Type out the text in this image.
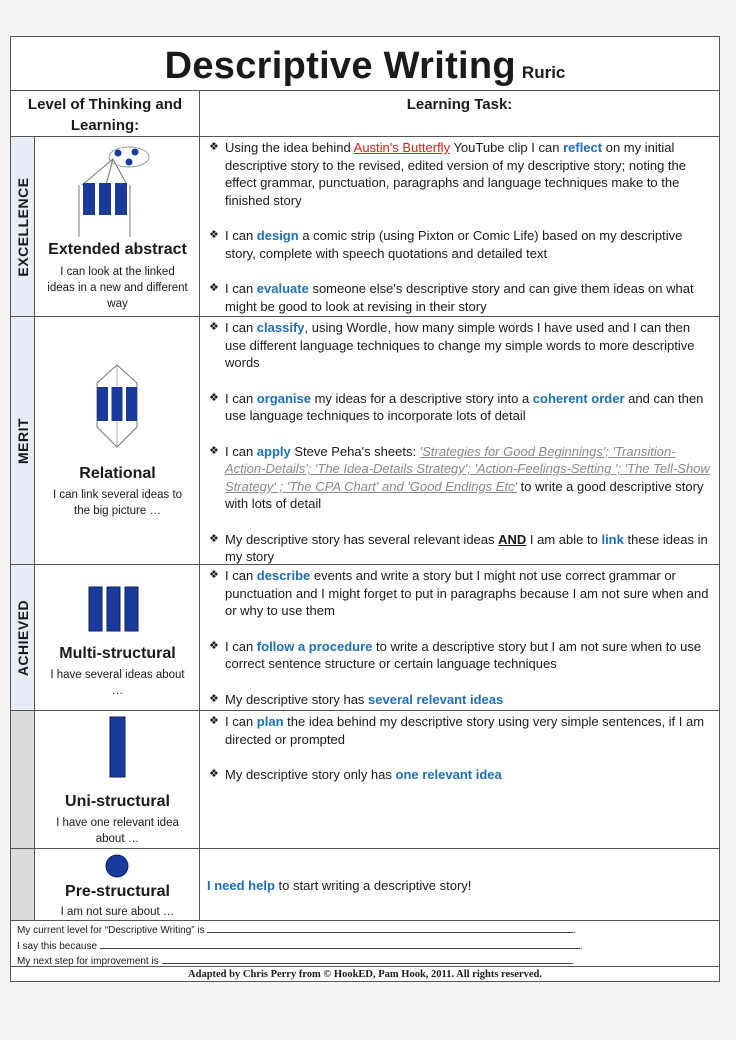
Descriptive Writing Ruric
Level of Thinking and Learning:
Learning Task:
EXCELLENCE	Extended abstract
I can look at the linked ideas in a new and different way
❖ Using the idea behind Austin's Butterfly YouTube clip I can reflect on my initial descriptive story to the revised, edited version of my descriptive story; noting the effect grammar, punctuation, paragraphs and language techniques make to the finished story
❖ I can design a comic strip (using Pixton or Comic Life) based on my descriptive story, complete with speech quotations and detailed text
❖ I can evaluate someone else's descriptive story and can give them ideas on what might be good to look at revising in their story
MERIT
Relational
I can link several ideas to the big picture …
❖ I can classify, using Wordle, how many simple words I have used and I can then use different language techniques to change my simple words to more descriptive words
❖ I can organise my ideas for a descriptive story into a coherent order and can then use language techniques to incorporate lots of detail
❖ I can apply Steve Peha's sheets: 'Strategies for Good Beginnings'; 'Transition-Action-Details'; 'The Idea-Details Strategy'; 'Action-Feelings-Setting '; 'The Tell-Show Strategy' ; 'The CPA Chart' and 'Good Endings Etc' to write a good descriptive story with lots of detail
❖ My descriptive story has several relevant ideas AND I am able to link these ideas in my story
ACHIEVED	Multi-structural
I have several ideas about …
❖ I can describe events and write a story but I might not use correct grammar or punctuation and I might forget to put in paragraphs because I am not sure when and or why to use them
❖ I can follow a procedure to write a descriptive story but I am not sure when to use correct sentence structure or certain language techniques
❖ My descriptive story has several relevant ideas
Uni-structural
I have one relevant idea about …
❖ I can plan the idea behind my descriptive story using very simple sentences, if I am directed or prompted
❖ My descriptive story only has one relevant idea
Pre-structural
I am not sure about …
I need help to start writing a descriptive story!
My current level for “Descriptive Writing” is	.
I say this because	.
My next step for improvement is	.
Adapted by Chris Perry from © HookED, Pam Hook, 2011. All rights reserved.
